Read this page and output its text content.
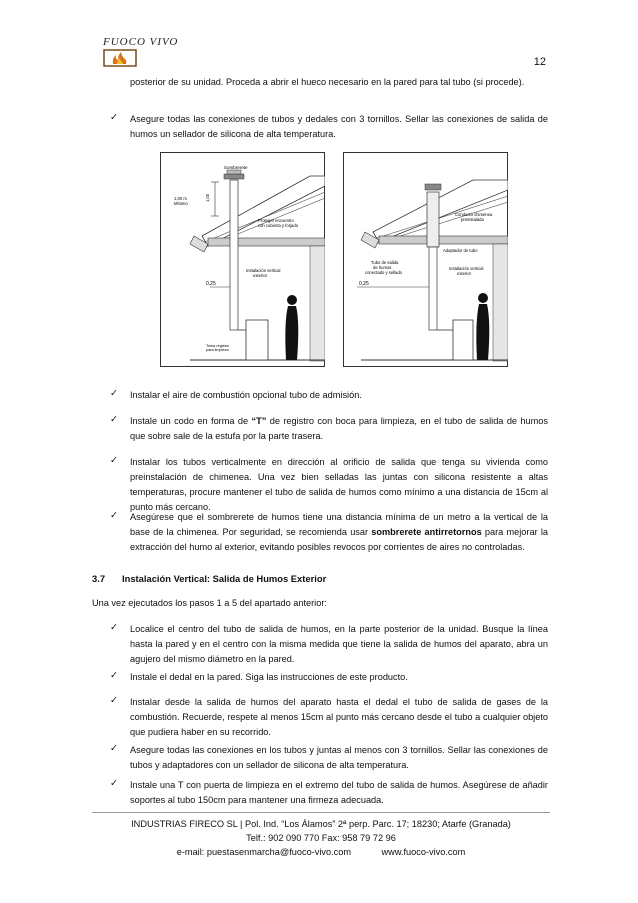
FUOCO VIVO
12
posterior de su unidad. Proceda a abrir el hueco necesario en la pared para tal tubo (si procede).
✓ Asegure todas las conexiones de tubos y dedales con 3 tornillos. Sellar las conexiones de salida de humos un sellador de silicona de alta temperatura.
Sombrerete
1,00 m
Mínimo
1,00
Proteger encuentro
con cubierta y forjado
Instalación vertical
exterior
0,25
Toma registro
para limpieza
Conducto chimenea
preinstalada
Adaptador de tubo
Tubo de salida
de humos
conectado y sellado
Instalación vertical
exterior
0,25
✓ Instalar el aire de combustión opcional tubo de admisión.
✓ Instale un codo en forma de “T” de registro con boca para limpieza, en el tubo de salida de humos que sobre sale de la estufa por la parte trasera.
✓ Instalar los tubos verticalmente en dirección al orificio de salida que tenga su vivienda como preinstalación de chimenea. Una vez bien selladas las juntas con silicona resistente a altas temperaturas, procure mantener el tubo de salida de humos como mínimo a una distancia de 15cm al punto más cercano.
✓ Asegúrese que el sombrerete de humos tiene una distancia mínima de un metro a la vertical de la base de la chimenea. Por seguridad, se recomienda usar sombrerete antirretornos para mejorar la extracción del humo al exterior, evitando posibles revocos por corrientes de aires no controladas.
3.7 Instalación Vertical: Salida de Humos Exterior
Una vez ejecutados los pasos 1 a 5 del apartado anterior:
✓ Localice el centro del tubo de salida de humos, en la parte posterior de la unidad. Busque la línea hasta la pared y en el centro con la misma medida que tiene la salida de humos del aparato, abra un agujero del mismo diámetro en la pared.
✓ Instale el dedal en la pared. Siga las instrucciones de este producto.
✓ Instalar desde la salida de humos del aparato hasta el dedal el tubo de salida de gases de la combustión. Recuerde, respete al menos 15cm al punto más cercano desde el tubo a cualquier objeto que pudiera haber en su recorrido.
✓ Asegure todas las conexiones en los tubos y juntas al menos con 3 tornillos. Sellar las conexiones de tubos y adaptadores con un sellador de silicona de alta temperatura.
✓ Instale una T con puerta de limpieza en el extremo del tubo de salida de humos. Asegúrese de añadir soportes al tubo 150cm para mantener una firmeza adecuada.
INDUSTRIAS FIRECO SL | Pol. Ind. “Los Álamos” 2ª perp. Parc. 17; 18230; Atarfe (Granada)
Telf.: 902 090 770 Fax: 958 79 72 96
e-mail: puestasenmarcha@fuoco-vivo.com	www.fuoco-vivo.com
